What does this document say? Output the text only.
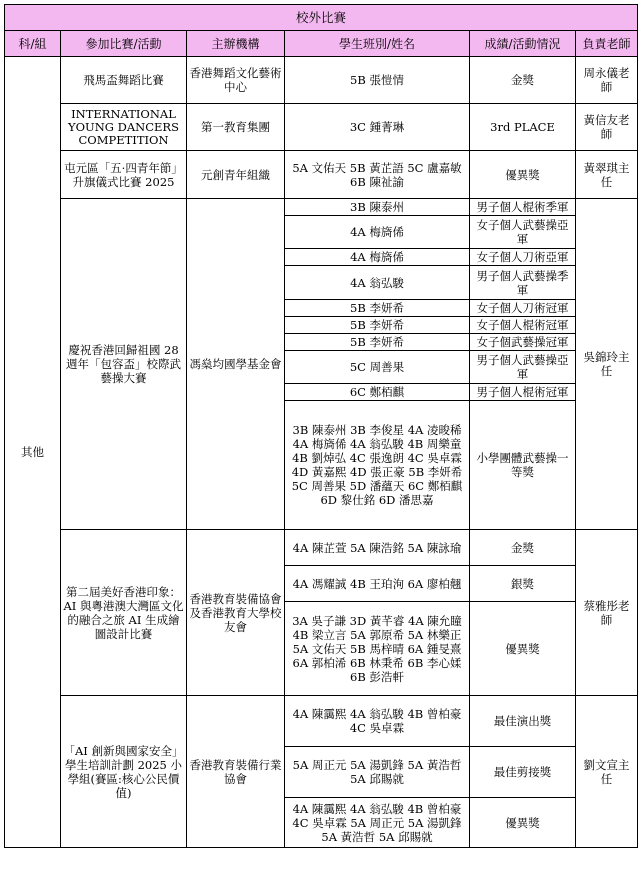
校外比賽					
科/組	參加比賽/活動	主辦機構	學生班別/姓名	成績/活動情況	負責老師
其他	飛馬盃舞蹈比賽	香港舞蹈文化藝術中心	5B 張愷情	金獎	周永儀老師
	INTERNATIONAL YOUNG DANCERS COMPETITION	第一教育集團	3C 鍾菁琳	3rd PLACE	黃信友老師
	屯元區「五·四青年節」升旗儀式比賽 2025	元創青年組織	5A 文佑天 5B 黃芷語 5C 盧嘉敏 6B 陳祉諭	優異獎	黃翠琪主任
	慶祝香港回歸祖國 28 週年「包容盃」校際武藝操大賽	馮燊均國學基金會	3B 陳泰州	男子個人棍術季軍	吳錦玲主任
			4A 梅旖俙	女子個人武藝操亞軍	
			4A 梅旖俙	女子個人刀術亞軍	
			4A 翁弘駿	男子個人武藝操季軍	
			5B 李妍希	女子個人刀術冠軍	
			5B 李妍希	女子個人棍術冠軍	
			5B 李妍希	女子個武藝操冠軍	
			5C 周善果	男子個人武藝操亞軍	
			6C 鄭栢麒	男子個人棍術冠軍	
			3B 陳泰州 3B 李俊星 4A 凌晙稀 4A 梅旖俙 4A 翁弘駿 4B 周樂童 4B 劉焯弘 4C 張逸朗 4C 吳卓霖 4D 黃嘉熙 4D 張正豪 5B 李妍希 5C 周善果 5D 潘蘊天 6C 鄭栢麒 6D 黎仕銘 6D 潘思嘉	小學團體武藝操一等獎	
	第二屆美好香港印象：AI 與粵港澳大灣區文化的融合之旅 AI 生成繪圖設計比賽	香港教育裝備協會及香港教育大學校友會	4A 陳芷萱 5A 陳浩銘 5A 陳詠瑜	金獎	蔡雅彤老師
			4A 馮耀誠 4B 王珀洵 6A 廖柏翹	銀獎	
			3A 吳子謙 3D 黃芊睿 4A 陳允瞳 4B 梁立言 5A 郭原希 5A 林樂正 5A 文佑天 5B 馬梓晴 6A 鍾旻熹 6A 郭柏浠 6B 林秉希 6B 李心媃 6B 彭浩軒	優異獎	
	「AI 創新與國家安全」學生培訓計劃 2025 小學組(賽區:核心公民價值)	香港教育裝備行業協會	4A 陳靄熙 4A 翁弘駿 4B 曾柏豪 4C 吳卓霖	最佳演出獎	劉文宣主任
			5A 周正元 5A 湯凱鋒 5A 黃浩哲 5A 邱賜就	最佳剪接獎	
			4A 陳靄熙 4A 翁弘駿 4B 曾柏豪 4C 吳卓霖 5A 周正元 5A 湯凱鋒 5A 黃浩哲 5A 邱賜就	優異獎	
